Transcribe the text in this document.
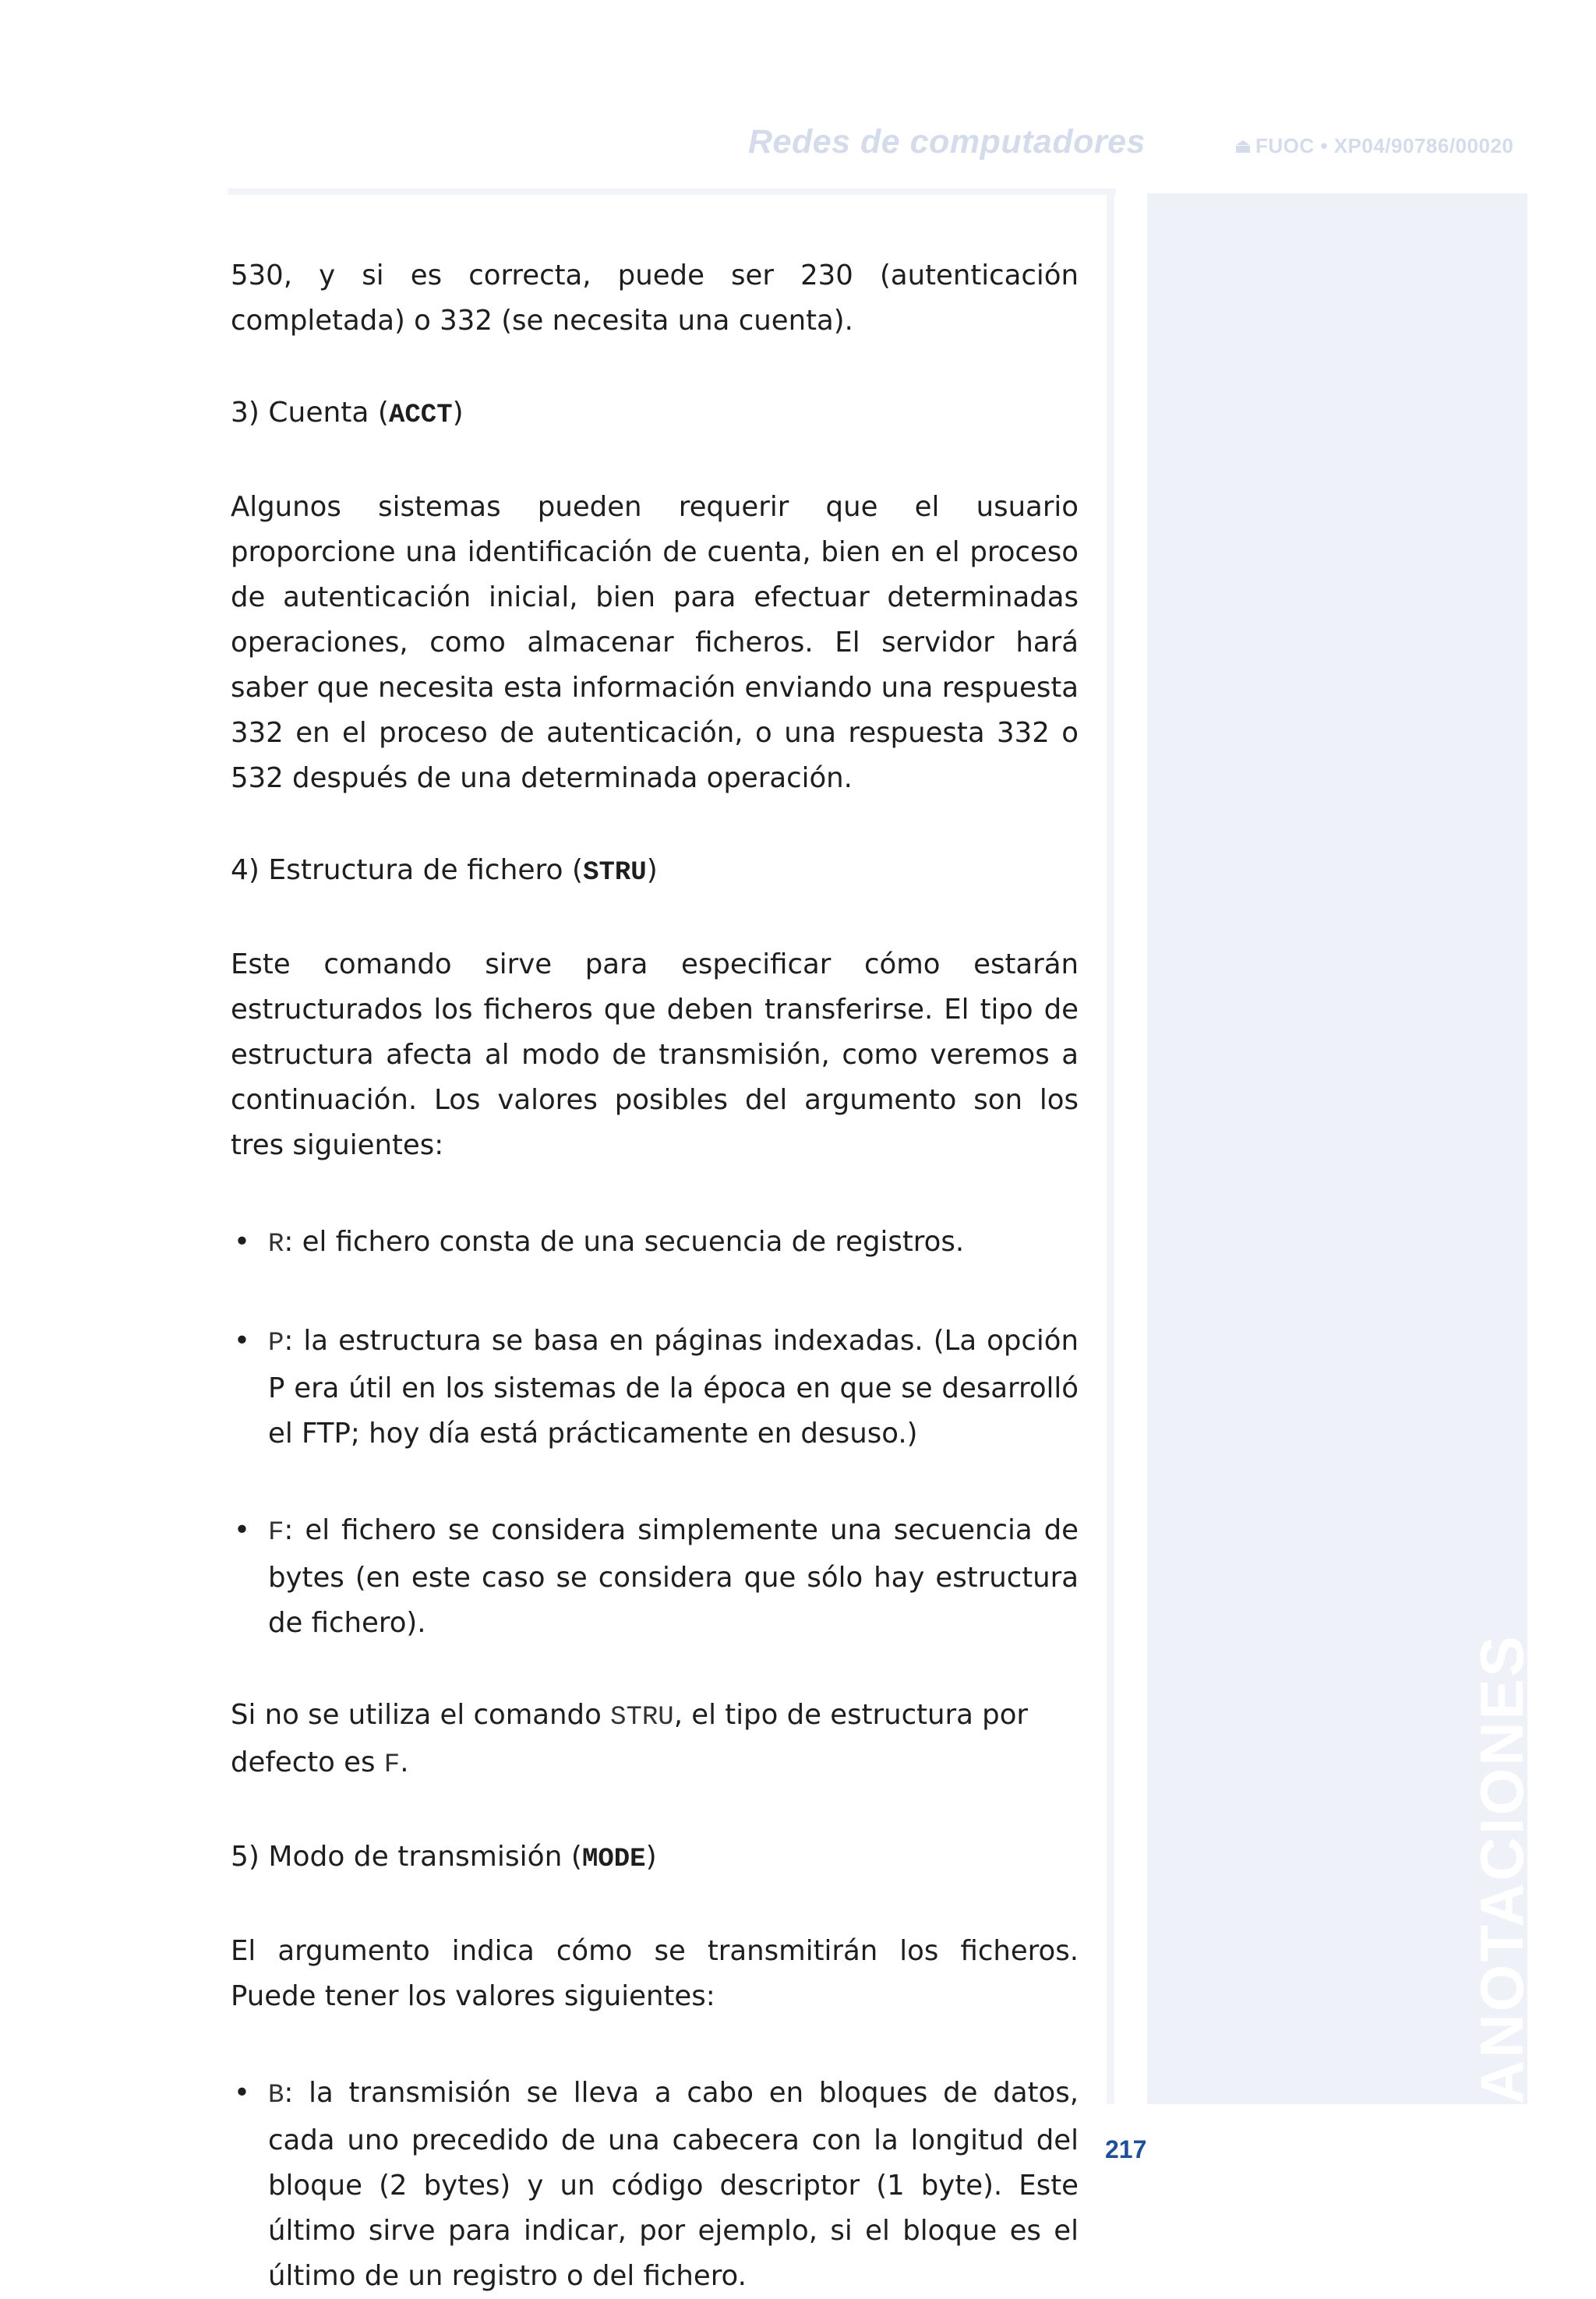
Redes de computadores	FUOC • XP04/90786/00020
ANOTACIONES

530, y si es correcta, puede ser 230 (autenticación completada) o 332 (se necesita una cuenta).

3) Cuenta (ACCT)

Algunos sistemas pueden requerir que el usuario proporcione una identificación de cuenta, bien en el proceso de autenticación inicial, bien para efectuar determinadas operaciones, como almacenar ficheros. El servidor hará saber que necesita esta información enviando una respuesta 332 en el proceso de autenticación, o una respuesta 332 o 532 después de una determinada operación.

4) Estructura de fichero (STRU)

Este comando sirve para especificar cómo estarán estructurados los ficheros que deben transferirse. El tipo de estructura afecta al modo de transmisión, como veremos a continuación. Los valores posibles del argumento son los tres siguientes:

• R: el fichero consta de una secuencia de registros.
• P: la estructura se basa en páginas indexadas. (La opción P era útil en los sistemas de la época en que se desarrolló el FTP; hoy día está prácticamente en desuso.)
• F: el fichero se considera simplemente una secuencia de bytes (en este caso se considera que sólo hay estructura de fichero).

Si no se utiliza el comando STRU, el tipo de estructura por defecto es F.

5) Modo de transmisión (MODE)

El argumento indica cómo se transmitirán los ficheros. Puede tener los valores siguientes:

• B: la transmisión se lleva a cabo en bloques de datos, cada uno precedido de una cabecera con la longitud del bloque (2 bytes) y un código descriptor (1 byte). Este último sirve para indicar, por ejemplo, si el bloque es el último de un registro o del fichero.
217
